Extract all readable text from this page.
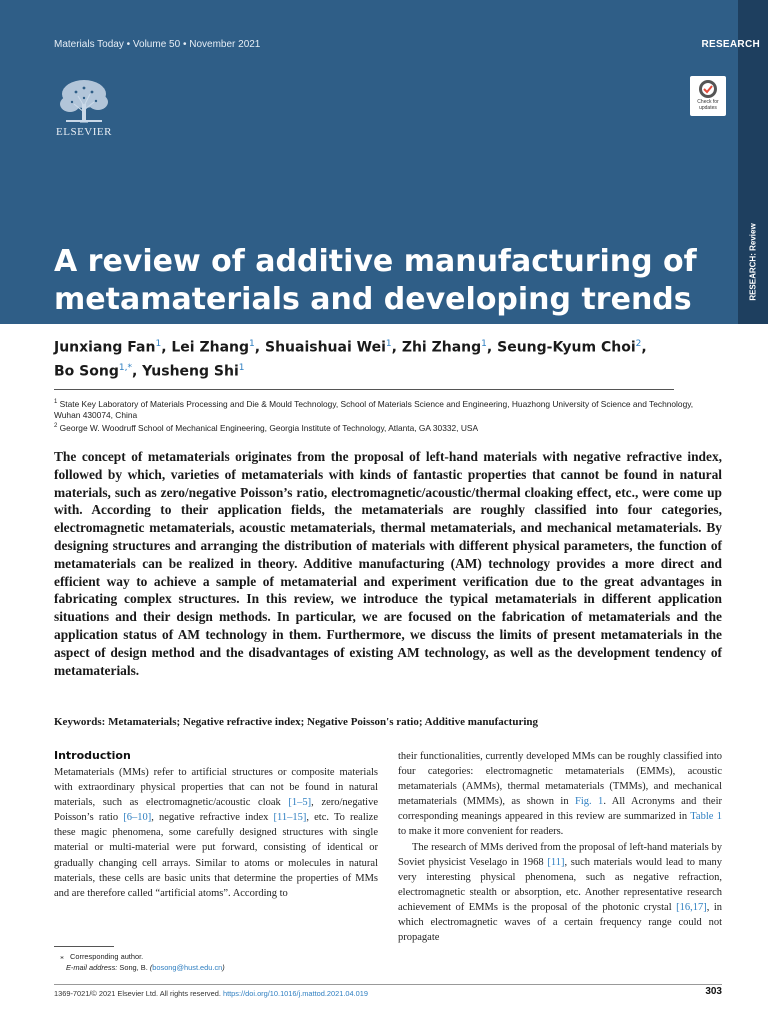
RESEARCH: Review
Materials Today • Volume 50 • November 2021	RESEARCH
ELSEVIER
Check for
updates
A review of additive manufacturing of metamaterials and developing trends
Junxiang Fan$^1$, Lei Zhang$^1$, Shuaishuai Wei$^1$, Zhi Zhang$^1$, Seung-Kyum Choi$^2$,
Bo Song$^{1,*}$, Yusheng Shi$^1$
$^1$ State Key Laboratory of Materials Processing and Die & Mould Technology, School of Materials Science and Engineering, Huazhong University of Science and Technology, Wuhan 430074, China
$^2$ George W. Woodruff School of Mechanical Engineering, Georgia Institute of Technology, Atlanta, GA 30332, USA

The concept of metamaterials originates from the proposal of left-hand materials with negative refractive index, followed by which, varieties of metamaterials with kinds of fantastic properties that cannot be found in natural materials, such as zero/negative Poisson’s ratio, electromagnetic/acoustic/thermal cloaking effect, etc., were come up with. According to their application fields, the metamaterials are roughly classified into four categories, electromagnetic metamaterials, acoustic metamaterials, thermal metamaterials, and mechanical metamaterials. By designing structures and arranging the distribution of materials with different physical parameters, the function of metamaterials can be realized in theory. Additive manufacturing (AM) technology provides a more direct and efficient way to achieve a sample of metamaterial and experiment verification due to the great advantages in fabricating complex structures. In this review, we introduce the typical metamaterials in different application situations and their design methods. In particular, we are focused on the fabrication of metamaterials and the application status of AM technology in them. Furthermore, we discuss the limits of present metamaterials in the aspect of design method and the disadvantages of existing AM technology, as well as the development tendency of metamaterials.

Keywords: Metamaterials; Negative refractive index; Negative Poisson's ratio; Additive manufacturing

Introduction

Metamaterials (MMs) refer to artificial structures or composite materials with extraordinary physical properties that can not be found in natural materials, such as electromagnetic/acoustic cloak [1–5], zero/negative Poisson’s ratio [6–10], negative refractive index [11–15], etc. To realize these magic phenomena, some carefully designed structures with single material or multi-material were put forward, consisting of identical or gradually changing cell arrays. Similar to atoms or molecules in natural materials, these cells are basic units that determine the properties of MMs and are therefore called “artificial atoms”. According to

their functionalities, currently developed MMs can be roughly classified into four categories: electromagnetic metamaterials (EMMs), acoustic metamaterials (AMMs), thermal metamaterials (TMMs), and mechanical metamaterials (MMMs), as shown in Fig. 1. All Acronyms and their corresponding meanings appeared in this review are summarized in Table 1 to make it more convenient for readers.

The research of MMs derived from the proposal of left-hand materials by Soviet physicist Veselago in 1968 [11], such materials would lead to many very interesting physical phenomena, such as negative refraction, electromagnetic stealth or absorption, etc. Another representative research achievement of EMMs is the proposal of the photonic crystal [16,17], in which electromagnetic waves of a certain frequency range could not propagate

⁎ Corresponding author.
E-mail address: Song, B. (bosong@hust.edu.cn)
1369-7021/© 2021 Elsevier Ltd. All rights reserved. https://doi.org/10.1016/j.mattod.2021.04.019	303
